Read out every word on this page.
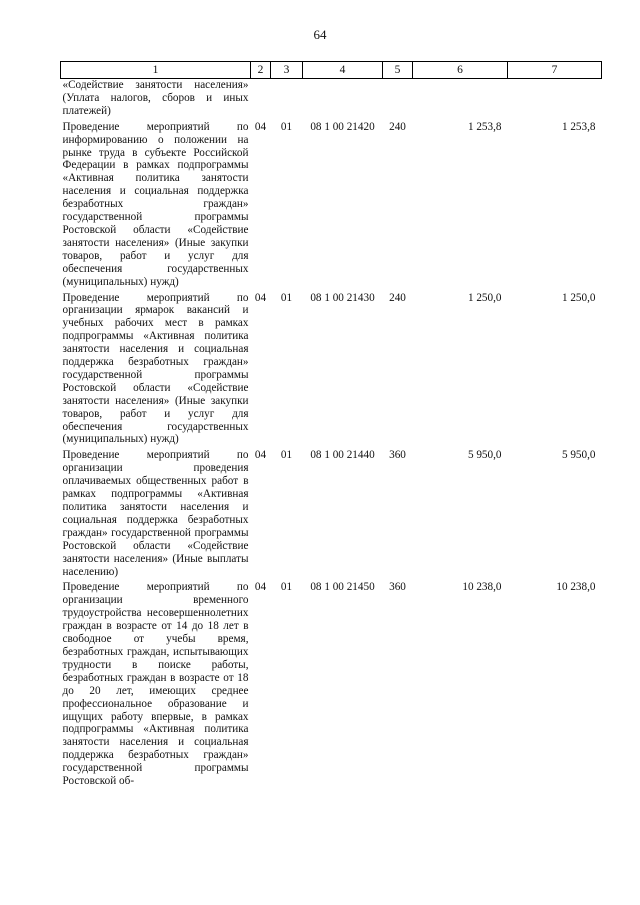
64
1	2	3	4	5	6	7
«Содействие занятости населения» (Уплата налогов, сборов и иных платежей)						
Проведение мероприятий по информированию о положении на рынке труда в субъекте Российской Федерации в рамках подпрограммы «Активная политика занятости населения и социальная поддержка безработных граждан» государственной программы Ростовской области «Содействие занятости населения» (Иные закупки товаров, работ и услуг для обеспечения государственных (муниципальных) нужд)	04	01	08 1 00 21420	240	1 253,8	1 253,8
Проведение мероприятий по организации ярмарок вакансий и учебных рабочих мест в рамках подпрограммы «Активная политика занятости населения и социальная поддержка безработных граждан» государственной программы Ростовской области «Содействие занятости населения» (Иные закупки товаров, работ и услуг для обеспечения государственных (муниципальных) нужд)	04	01	08 1 00 21430	240	1 250,0	1 250,0
Проведение мероприятий по организации проведения оплачиваемых общественных работ в рамках подпрограммы «Активная политика занятости населения и социальная поддержка безработных граждан» государственной программы Ростовской области «Содействие занятости населения» (Иные выплаты населению)	04	01	08 1 00 21440	360	5 950,0	5 950,0
Проведение мероприятий по организации временного трудоустройства несовершеннолетних граждан в возрасте от 14 до 18 лет в свободное от учебы время, безработных граждан, испытывающих трудности в поиске работы, безработных граждан в возрасте от 18 до 20 лет, имеющих среднее профессиональное образование и ищущих работу впервые, в рамках подпрограммы «Активная политика занятости населения и социальная поддержка безработных граждан» государственной программы Ростовской об-	04	01	08 1 00 21450	360	10 238,0	10 238,0
